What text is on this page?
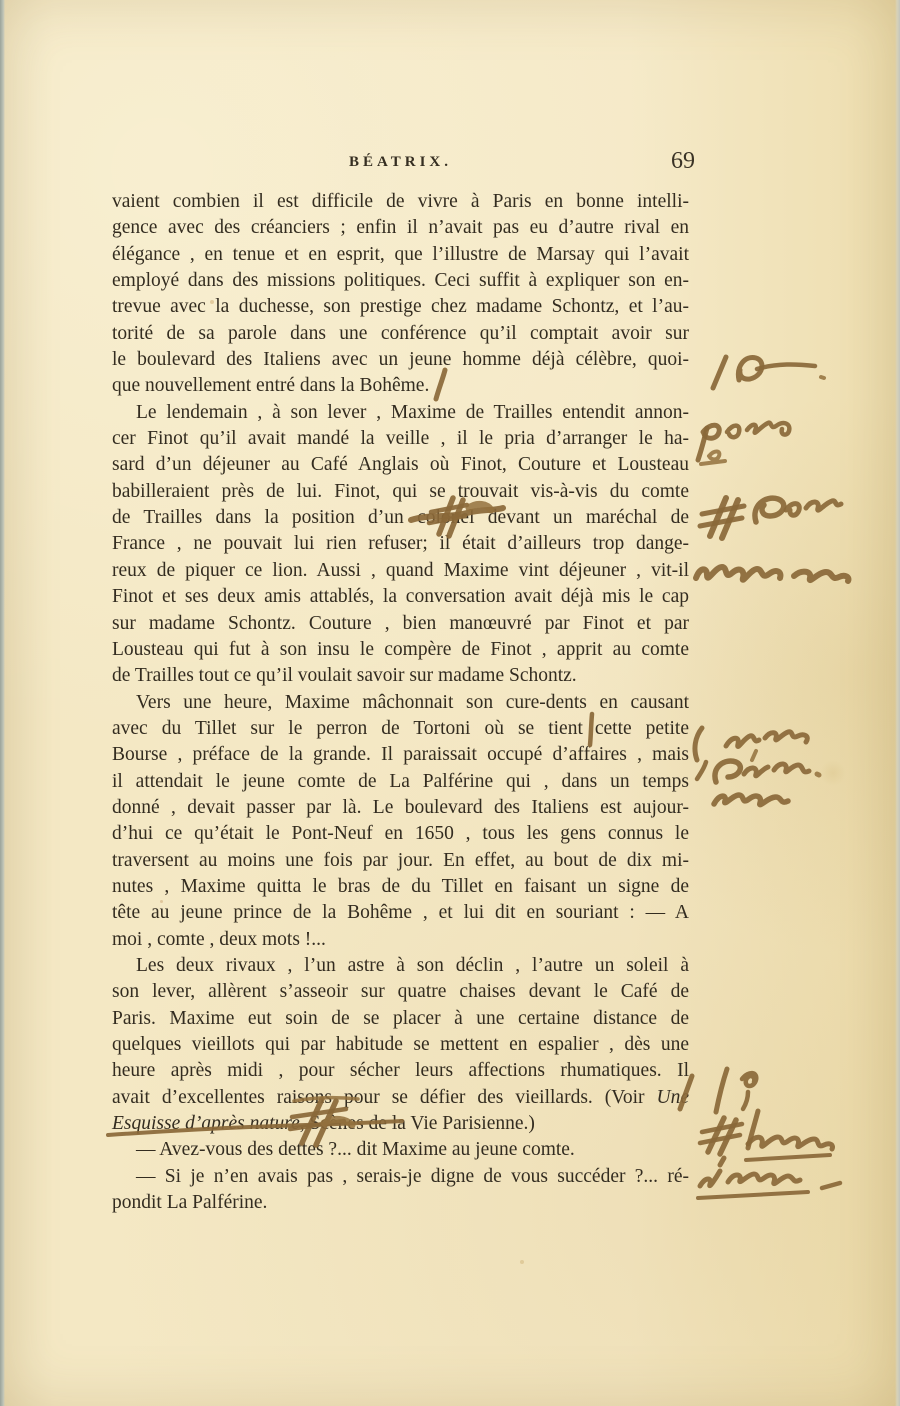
BÉATRIX.	69
vaient combien il est difficile de vivre à Paris en bonne intelli-
gence avec des créanciers ; enfin il n’avait pas eu d’autre rival en
élégance , en tenue et en esprit, que l’illustre de Marsay qui l’avait
employé dans des missions politiques. Ceci suffit à expliquer son en-
trevue avec la duchesse, son prestige chez madame Schontz, et l’au-
torité de sa parole dans une conférence qu’il comptait avoir sur
le boulevard des Italiens avec un jeune homme déjà célèbre, quoi-
que nouvellement entré dans la Bohême.
Le lendemain , à son lever , Maxime de Trailles entendit annon-
cer Finot qu’il avait mandé la veille , il le pria d’arranger le ha-
sard d’un déjeuner au Café Anglais où Finot, Couture et Lousteau
babilleraient près de lui. Finot, qui se trouvait vis-à-vis du comte
de Trailles dans la position d’un colonel
devant un maréchal de
France , ne pouvait lui rien refuser; il était d’ailleurs trop dange-
reux de piquer ce lion. Aussi , quand Maxime vint déjeuner , vit-il
Finot et ses deux amis attablés, la conversation avait déjà mis le cap
sur madame Schontz. Couture , bien manœuvré par Finot et par
Lousteau qui fut à son insu le compère de Finot , apprit au comte
de Trailles tout ce qu’il voulait savoir sur madame Schontz.
Vers une heure, Maxime mâchonnait son cure-dents en causant
avec du Tillet sur le perron de Tortoni où se tient cette petite
Bourse , préface de la grande. Il paraissait occupé d’affaires , mais
il attendait le jeune comte de La Palférine qui , dans un temps
donné , devait passer par là. Le boulevard des Italiens est aujour-
d’hui ce qu’était le Pont-Neuf en 1650 , tous les gens connus le
traversent au moins une fois par jour. En effet, au bout de dix mi-
nutes , Maxime quitta le bras de du Tillet en faisant un signe de
tête au jeune prince de la Bohême , et lui dit en souriant : — A
moi , comte , deux mots !...
Les deux rivaux , l’un astre à son déclin , l’autre un soleil à
son lever, allèrent s’asseoir sur quatre chaises devant le Café de
Paris. Maxime eut soin de se placer à une certaine distance de
quelques vieillots qui par habitude se mettent en espalier , dès une
heure après midi , pour sécher leurs affections rhumatiques. Il
avait d’excellentes raisons pour se défier des vieillards. (Voir Une
Esquisse d’après nature
, Scènes de la Vie Parisienne.)
— Avez-vous des dettes ?... dit Maxime au jeune comte.
— Si je n’en avais pas , serais-je digne de vous succéder ?... ré-
pondit La Palférine.
